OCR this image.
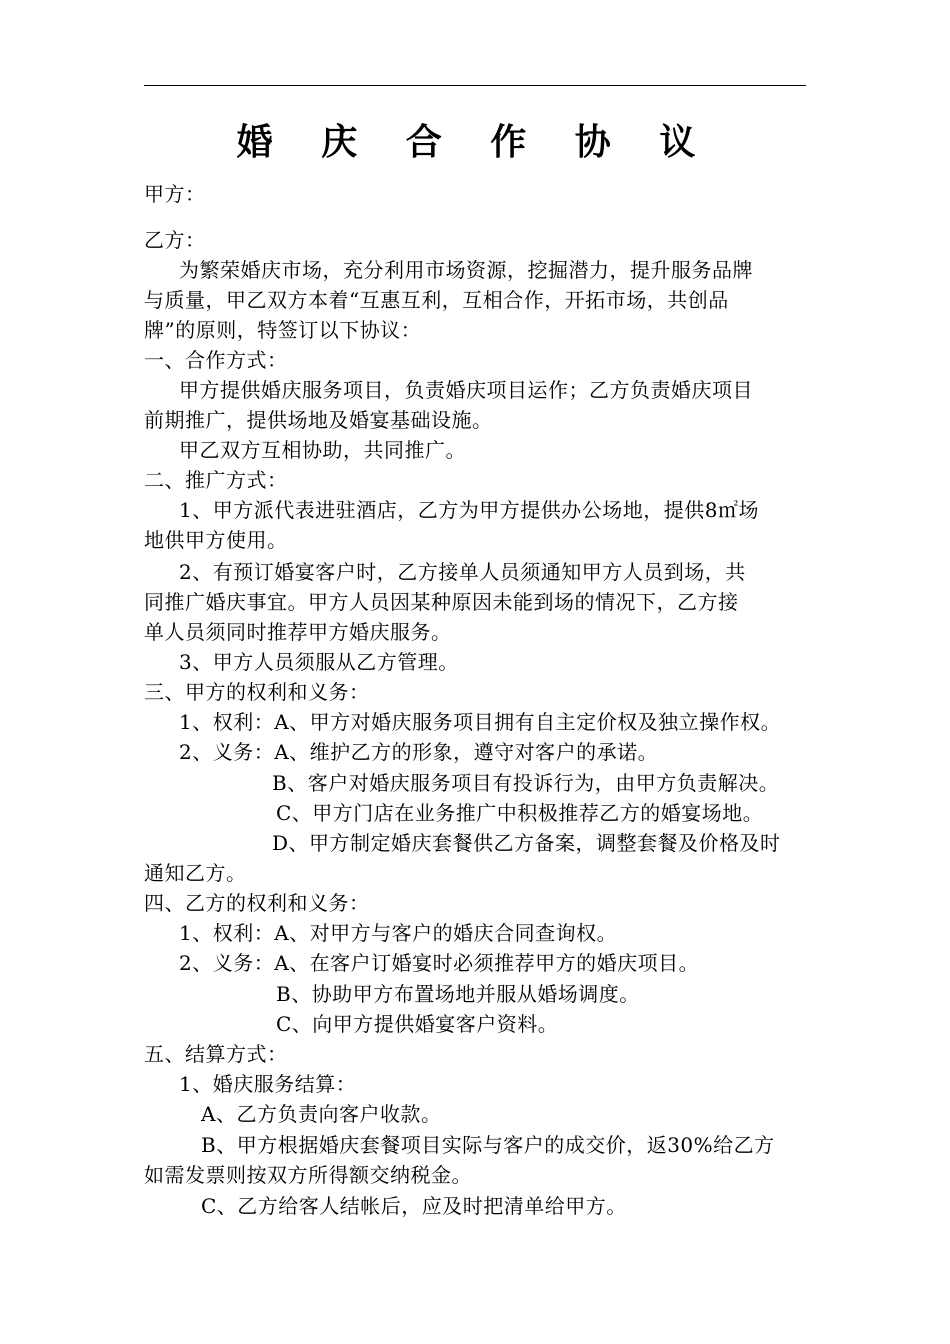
婚 庆 合 作 协 议
甲方：
乙方：
为繁荣婚庆市场，充分利用市场资源，挖掘潜力，提升服务品牌
与质量，甲乙双方本着“互惠互利，互相合作，开拓市场，共创品
牌”的原则，特签订以下协议：
一、合作方式：
甲方提供婚庆服务项目，负责婚庆项目运作；乙方负责婚庆项目
前期推广，提供场地及婚宴基础设施。
甲乙双方互相协助，共同推广。
二、推广方式：
1、甲方派代表进驻酒店，乙方为甲方提供办公场地，提供8㎡场
地供甲方使用。
2、有预订婚宴客户时，乙方接单人员须通知甲方人员到场，共
同推广婚庆事宜。甲方人员因某种原因未能到场的情况下，乙方接
单人员须同时推荐甲方婚庆服务。
3、甲方人员须服从乙方管理。
三、甲方的权利和义务：
1、权利：A、甲方对婚庆服务项目拥有自主定价权及独立操作权。
2、义务：A、维护乙方的形象，遵守对客户的承诺。
B、客户对婚庆服务项目有投诉行为，由甲方负责解决。
C、甲方门店在业务推广中积极推荐乙方的婚宴场地。
D、甲方制定婚庆套餐供乙方备案，调整套餐及价格及时
通知乙方。
四、乙方的权利和义务：
1、权利：A、对甲方与客户的婚庆合同查询权。
2、义务：A、在客户订婚宴时必须推荐甲方的婚庆项目。
B、协助甲方布置场地并服从婚场调度。
C、向甲方提供婚宴客户资料。
五、结算方式：
1、婚庆服务结算：
A、乙方负责向客户收款。
B、甲方根据婚庆套餐项目实际与客户的成交价，返30%给乙方
如需发票则按双方所得额交纳税金。
C、乙方给客人结帐后，应及时把清单给甲方。
